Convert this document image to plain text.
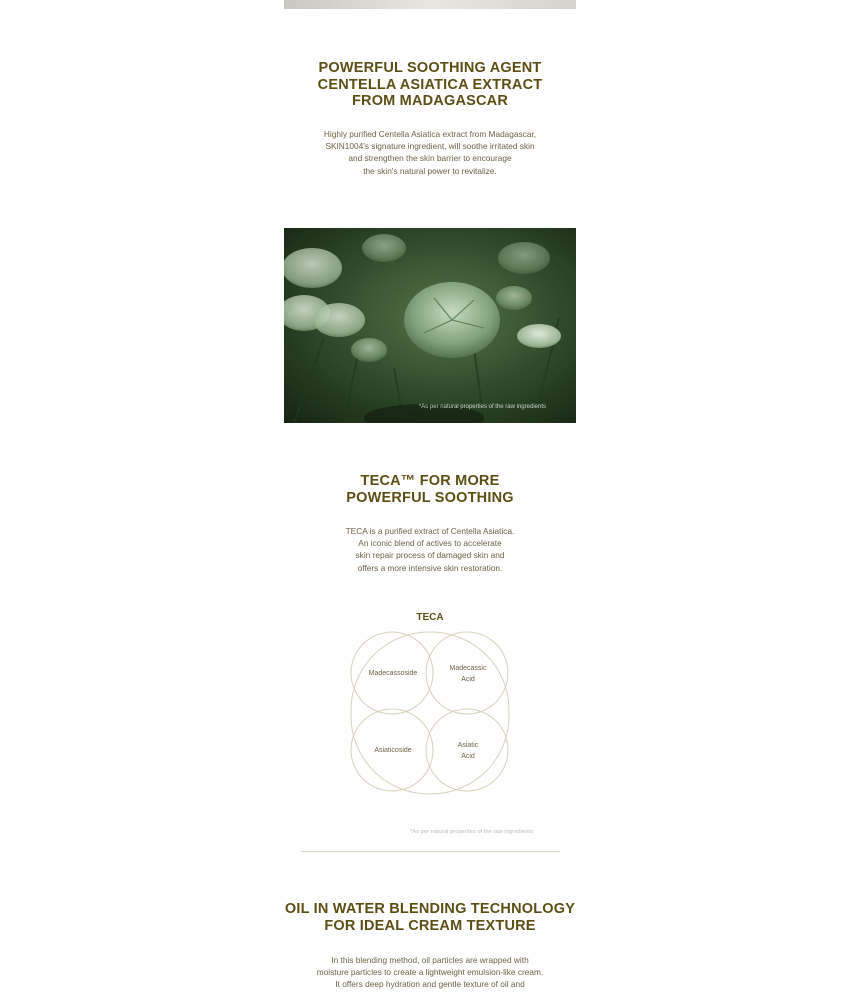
POWERFUL SOOTHING AGENT
CENTELLA ASIATICA EXTRACT
FROM MADAGASCAR

Highly purified Centella Asiatica extract from Madagascar,
SKIN1004's signature ingredient, will soothe irritated skin
and strengthen the skin barrier to encourage
the skin's natural power to revitalize.

*As per natural properties of the raw ingredients
TECA™ FOR MORE
POWERFUL SOOTHING

TECA is a purified extract of Centella Asiatica.
An iconic blend of actives to accelerate
skin repair process of damaged skin and
offers a more intensive skin restoration.

TECA
Madecassoside
Madecassic
Acid
Asiaticoside
Asiatic
Acid
*As per natural properties of the raw ingredients
OIL IN WATER BLENDING TECHNOLOGY
FOR IDEAL CREAM TEXTURE

In this blending method, oil particles are wrapped with
moisture particles to create a lightweight emulsion-like cream.
It offers deep hydration and gentle texture of oil and
